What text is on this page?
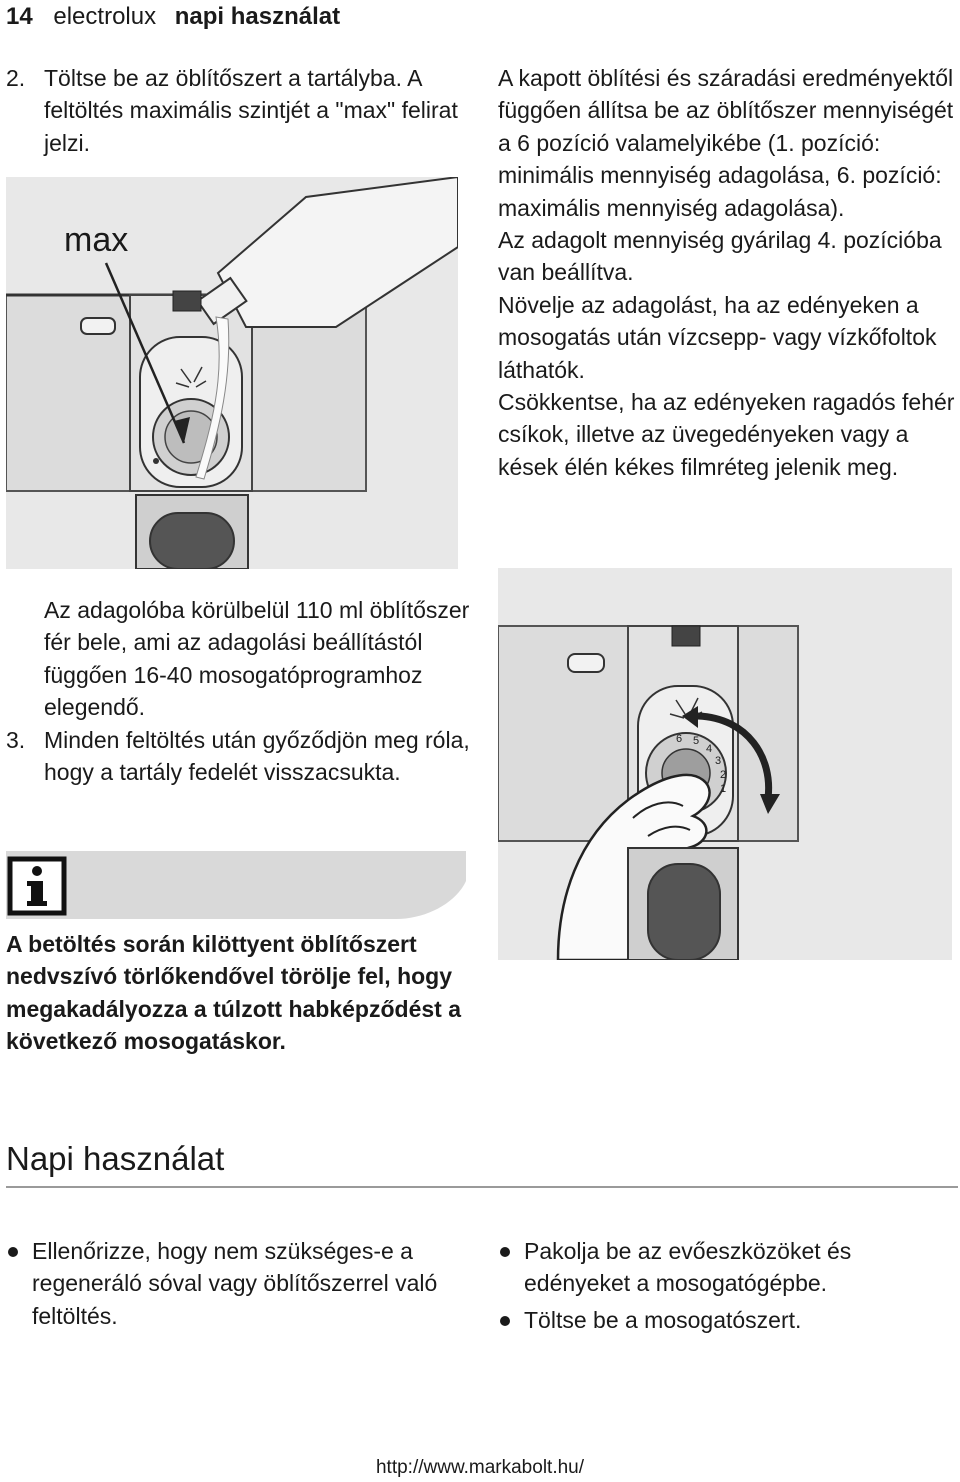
14 electrolux napi használat
2. Töltse be az öblítőszert a tartályba. A feltöltés maximális szintjét a "max" felirat jelzi.

max

A kapott öblítési és száradási eredményektől függően állítsa be az öblítőszer mennyiségét a 6 pozíció valamelyikébe (1. pozíció: minimális mennyiség adagolása, 6. pozíció: maximális mennyiség adagolása).

Az adagolt mennyiség gyárilag 4. pozícióba van beállítva.

Növelje az adagolást, ha az edényeken a mosogatás után vízcsepp- vagy vízkőfoltok láthatók.

Csökkentse, ha az edényeken ragadós fehér csíkok, illetve az üvegedényeken vagy a kések élén kékes filmréteg jelenik meg.

Az adagolóba körülbelül 110 ml öblítőszer fér bele, ami az adagolási beállítástól függően 16-40 mosogatóprogramhoz elegendő.

3. Minden feltöltés után győződjön meg róla, hogy a tartály fedelét visszacsukta.

6 5
4
3
2
1
A betöltés során kilöttyent öblítőszert nedvszívó törlőkendővel törölje fel, hogy megakadályozza a túlzott habképződést a következő mosogatáskor.
Napi használat
Ellenőrizze, hogy nem szükséges-e a regeneráló sóval vagy öblítőszerrel való feltöltés.
Pakolja be az evőeszközöket és edényeket a mosogatógépbe.
Töltse be a mosogatószert.
http://www.markabolt.hu/
